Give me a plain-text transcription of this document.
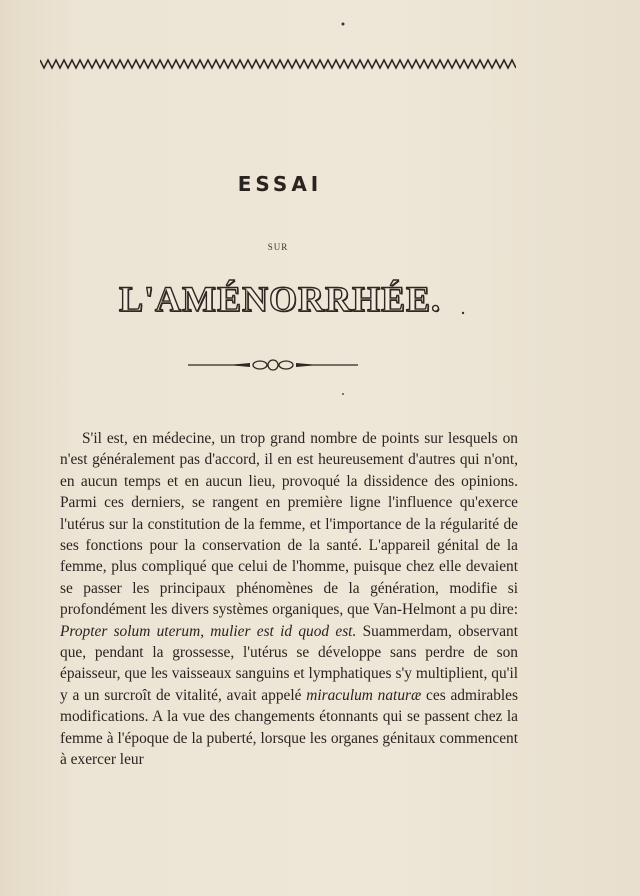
ESSAI
SUR
L'AMÉNORRHÉE.

S'il est, en médecine, un trop grand nombre de points sur lesquels on n'est généralement pas d'accord, il en est heureusement d'autres qui n'ont, en aucun temps et en aucun lieu, provoqué la dissidence des opinions. Parmi ces derniers, se rangent en première ligne l'influence qu'exerce l'utérus sur la constitution de la femme, et l'importance de la régularité de ses fonctions pour la conservation de la santé. L'appareil génital de la femme, plus compliqué que celui de l'homme, puisque chez elle devaient se passer les principaux phénomènes de la génération, modifie si profondément les divers systèmes organiques, que Van-Helmont a pu dire: Propter solum uterum, mulier est id quod est. Suammerdam, observant que, pendant la grossesse, l'utérus se développe sans perdre de son épaisseur, que les vaisseaux sanguins et lymphatiques s'y multiplient, qu'il y a un surcroît de vitalité, avait appelé miraculum naturæ ces admirables modifications. A la vue des changements étonnants qui se passent chez la femme à l'époque de la puberté, lorsque les organes génitaux commencent à exercer leur
